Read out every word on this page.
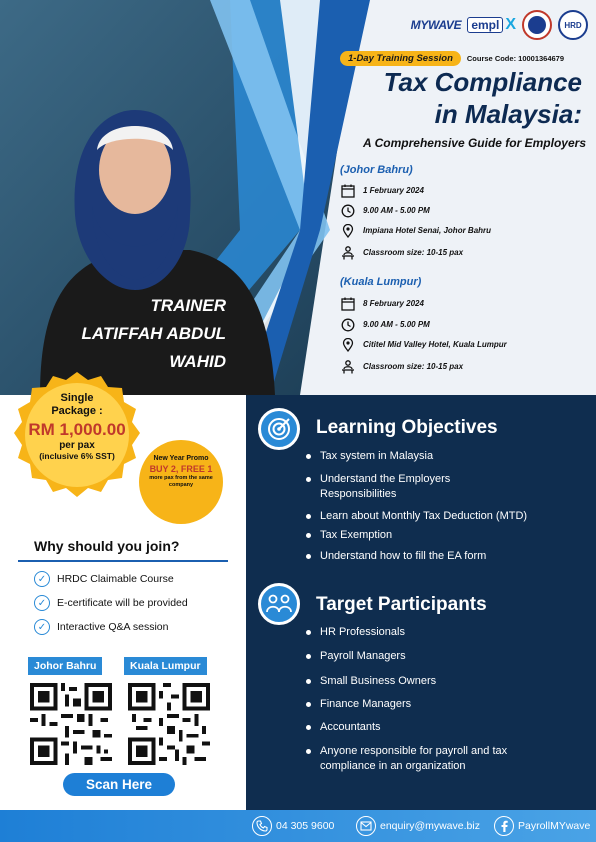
MYWAVE empl X	HRD
1-Day Training Session	Course Code: 10001364679
Tax Compliance
in Malaysia:
A Comprehensive Guide for Employers
(Johor Bahru)
1 February 2024
9.00 AM - 5.00 PM
Impiana Hotel Senai, Johor Bahru
Classroom size: 10-15 pax
(Kuala Lumpur)
8 February 2024
9.00 AM - 5.00 PM
Cititel Mid Valley Hotel, Kuala Lumpur
Classroom size: 10-15 pax
TRAINER
LATIFFAH ABDUL
WAHID
Single
Package :
RM 1,000.00
per pax
(inclusive 6% SST)	New Year Promo
BUY 2, FREE 1
more pax from the same company
Why should you join?
✓	HRDC Claimable Course
✓	E-certificate will be provided
✓	Interactive Q&A session
Johor Bahru	Kuala Lumpur
Scan Here
Learning Objectives
Tax system in Malaysia
Understand the Employers Responsibilities
Learn about Monthly Tax Deduction (MTD)
Tax Exemption
Understand how to fill the EA form
Target Participants
HR Professionals
Payroll Managers
Small Business Owners
Finance Managers
Accountants
Anyone responsible for payroll and tax compliance in an organization
04 305 9600	enquiry@mywave.biz	PayrollMYwave
